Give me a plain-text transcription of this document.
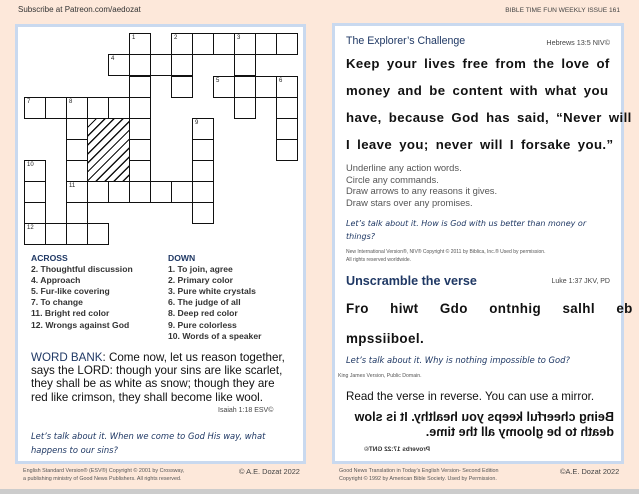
Subscribe at Patreon.com/aedozat	BIBLE TIME FUN WEEKLY ISSUE 161
1	2	3
4
5	6
7	8
9
10
11
12
ACROSS
2. Thoughtful discussion
4. Approach
5. Fur-like covering
7. To change
11. Bright red color
12. Wrongs against God
DOWN
1. To join, agree
2. Primary color
3. Pure white crystals
6. The judge of all
8. Deep red color
9. Pure colorless
10. Words of a speaker
WORD BANK: Come now, let us reason together, says the LORD: though your sins are like scarlet, they shall be as white as snow; though they are red like crimson, they shall become like wool.
Isaiah 1:18 ESV©
Let’s talk about it. When we come to God His way, what happens to our sins?
English Standard Version® (ESV®) Copyright © 2001 by Crossway,
a publishing ministry of Good News Publishers. All rights reserved.
© A.E. Dozat 2022
The Explorer’s Challenge	Hebrews 13:5 NIV©
Keep your lives free from the love of
money and be content with what you
have, because God has said, “Never will
I leave you; never will I forsake you.”
Underline any action words.
Circle any commands.
Draw arrows to any reasons it gives.
Draw stars over any promises.
Let’s talk about it. How is God with us better than money or things?
New International Version®, NIV® Copyright © 2011 by Biblica, Inc.® Used by permission.
All rights reserved worldwide.
Unscramble the verse	Luke 1:37 JKV, PD
Fro   hiwt   Gdo   ontnhig   salhl   eb
mpssiiboel.
Let’s talk about it. Why is nothing impossible to God?
King James Version, Public Domain.
Read the verse in reverse. You can use a mirror.
Being cheerful keeps you healthy. It is slow
death to be gloomy all the time.
Proverbs 17:22 GNT©
Good News Translation in Today’s English Version- Second Edition
Copyright © 1992 by American Bible Society. Used by Permission.
©A.E. Dozat 2022
